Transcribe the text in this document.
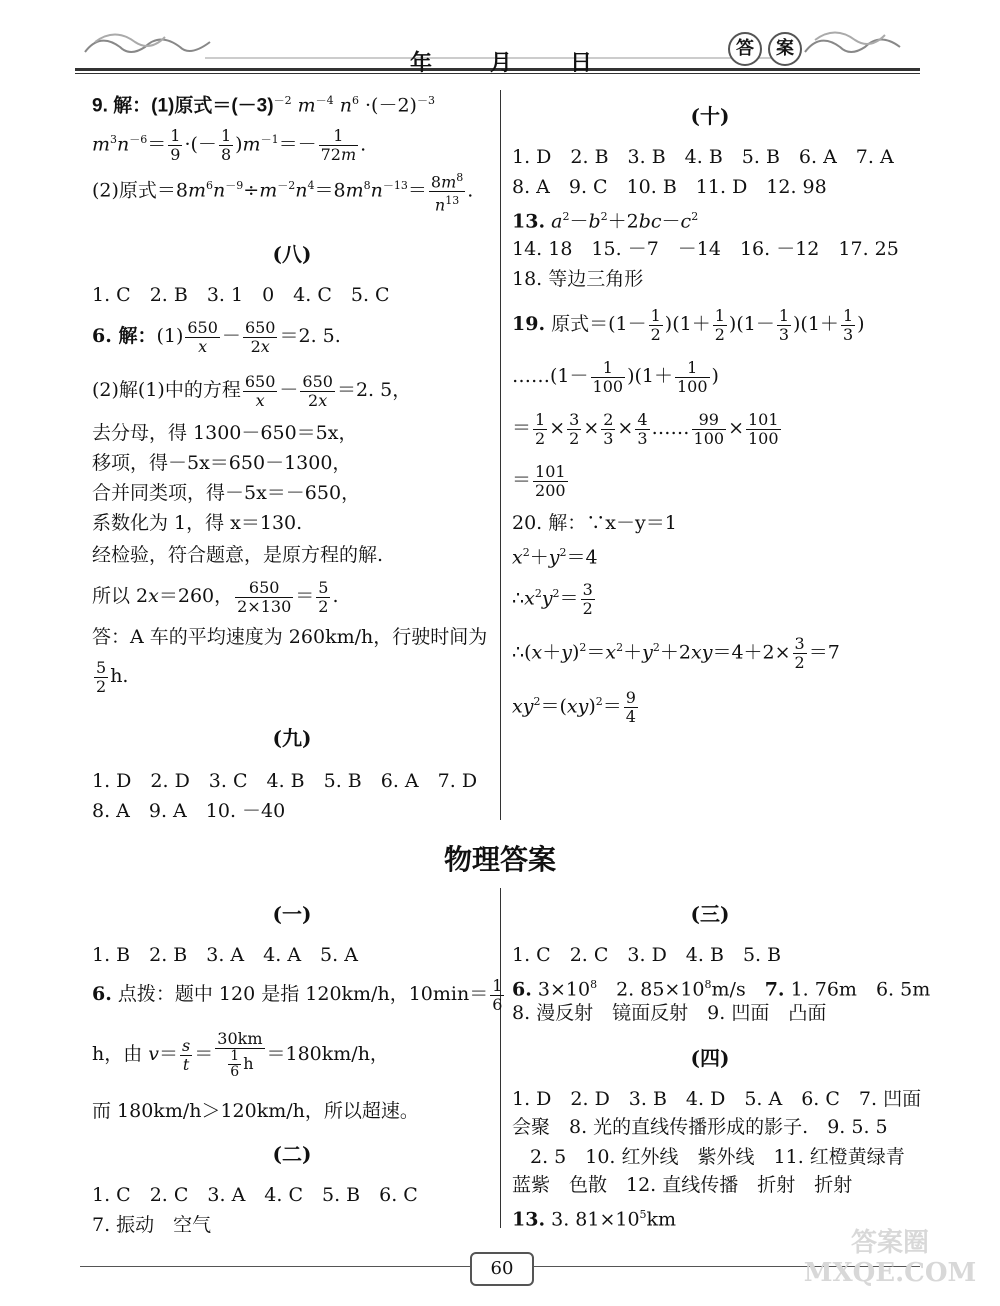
年　月　日
答 案
9. 解：(1)原式$=(-3)^{-2}$ $m^{-4}$ $n^6 \cdot(-2)^{-3}$
$m^3n^{-6}= \frac{1}{9}$ ·(－ $\frac{1}{8} )m^{-1}=- \frac{1}{72m}$ .
(2)原式$=8m^6n^{-9}\div m^{-2}n^4=8m^8n^{-13}= \frac{8m^8}{n^{13}}$ .
(八)
1. C　2. B　3. 1　0　4. C　5. C
6. 解：$(1) \frac{650}{x} - \frac{650}{2x} =2$. 5.
(2)解(1)中的方程 $\frac{650}{x} - \frac{650}{2x} =2$. 5，
去分母，得 1300－650＝5x，
移项，得－5x＝650－1300，
合并同类项，得－5x＝－650，
系数化为 1，得 x＝130.
经检验，符合题意，是原方程的解.
所以 2x＝260， $\frac{650}{2\times 130} = \frac{5}{2}$ .
答：A 车的平均速度为 260km/h，行驶时间为
$\frac{5}{2} h$.
(九)
1. D　2. D　3. C　4. B　5. B　6. A　7. D
8. A　9. A　10. －40
(十)
1. D　2. B　3. B　4. B　5. B　6. A　7. A
8. A　9. C　10. B　11. D　12. 98
13. $a^2-b^2+2bc-c^2$
14. 18　15. －7　－14　16. －12　17. 25
18. 等边三角形
19. 原式$=(1- \frac{1}{2} )(1+ \frac{1}{2} )(1- \frac{1}{3} )(1+ \frac{1}{3}$ )
……(1－ $\frac{1}{100} )(1+ \frac{1}{100}$ )
＝ $\frac{1}{2} \times \frac{3}{2} \times \frac{2}{3} \times \frac{4}{3}$ …… $\frac{99}{100} \times \frac{101}{100}$
＝ $\frac{101}{200}$
20. 解：∵x－y＝1
$x^2+y^2=4$
$\therefore x^2y^2= \frac{3}{2}$
$\therefore(x+y)^2=x^2+y^2+2xy=4+2\times \frac{3}{2} =7$
$xy^2=(xy)^2= \frac{9}{4}$
物理答案
(一)
1. B　2. B　3. A　4. A　5. A
6. 点拨：题中 120 是指 120km/h，$10\min= \frac{1}{6}$
h，由 $v= \frac{s}{t} = \frac{30km}{\frac{1}{6} h} =180km/h$，
而 180km/h＞120km/h，所以超速。
(二)
1. C　2. C　3. A　4. C　5. B　6. C
7. 振动　空气
(三)
1. C　2. C　3. D　4. B　5. B
6. $3\times 10^8$　2. $85\times 10^8m/s$　7. 1. 76m　6. 5m
8. 漫反射　镜面反射　9. 凹面　凸面
(四)
1. D　2. D　3. B　4. D　5. A　6. C　7. 凹面
会聚　8. 光的直线传播形成的影子.　9. 5. 5
2. 5　10. 红外线　紫外线　11. 红橙黄绿青
蓝紫　色散　12. 直线传播　折射　折射
13. 3. $81\times 10^5km$
60
答案圈 MXQE.COM
